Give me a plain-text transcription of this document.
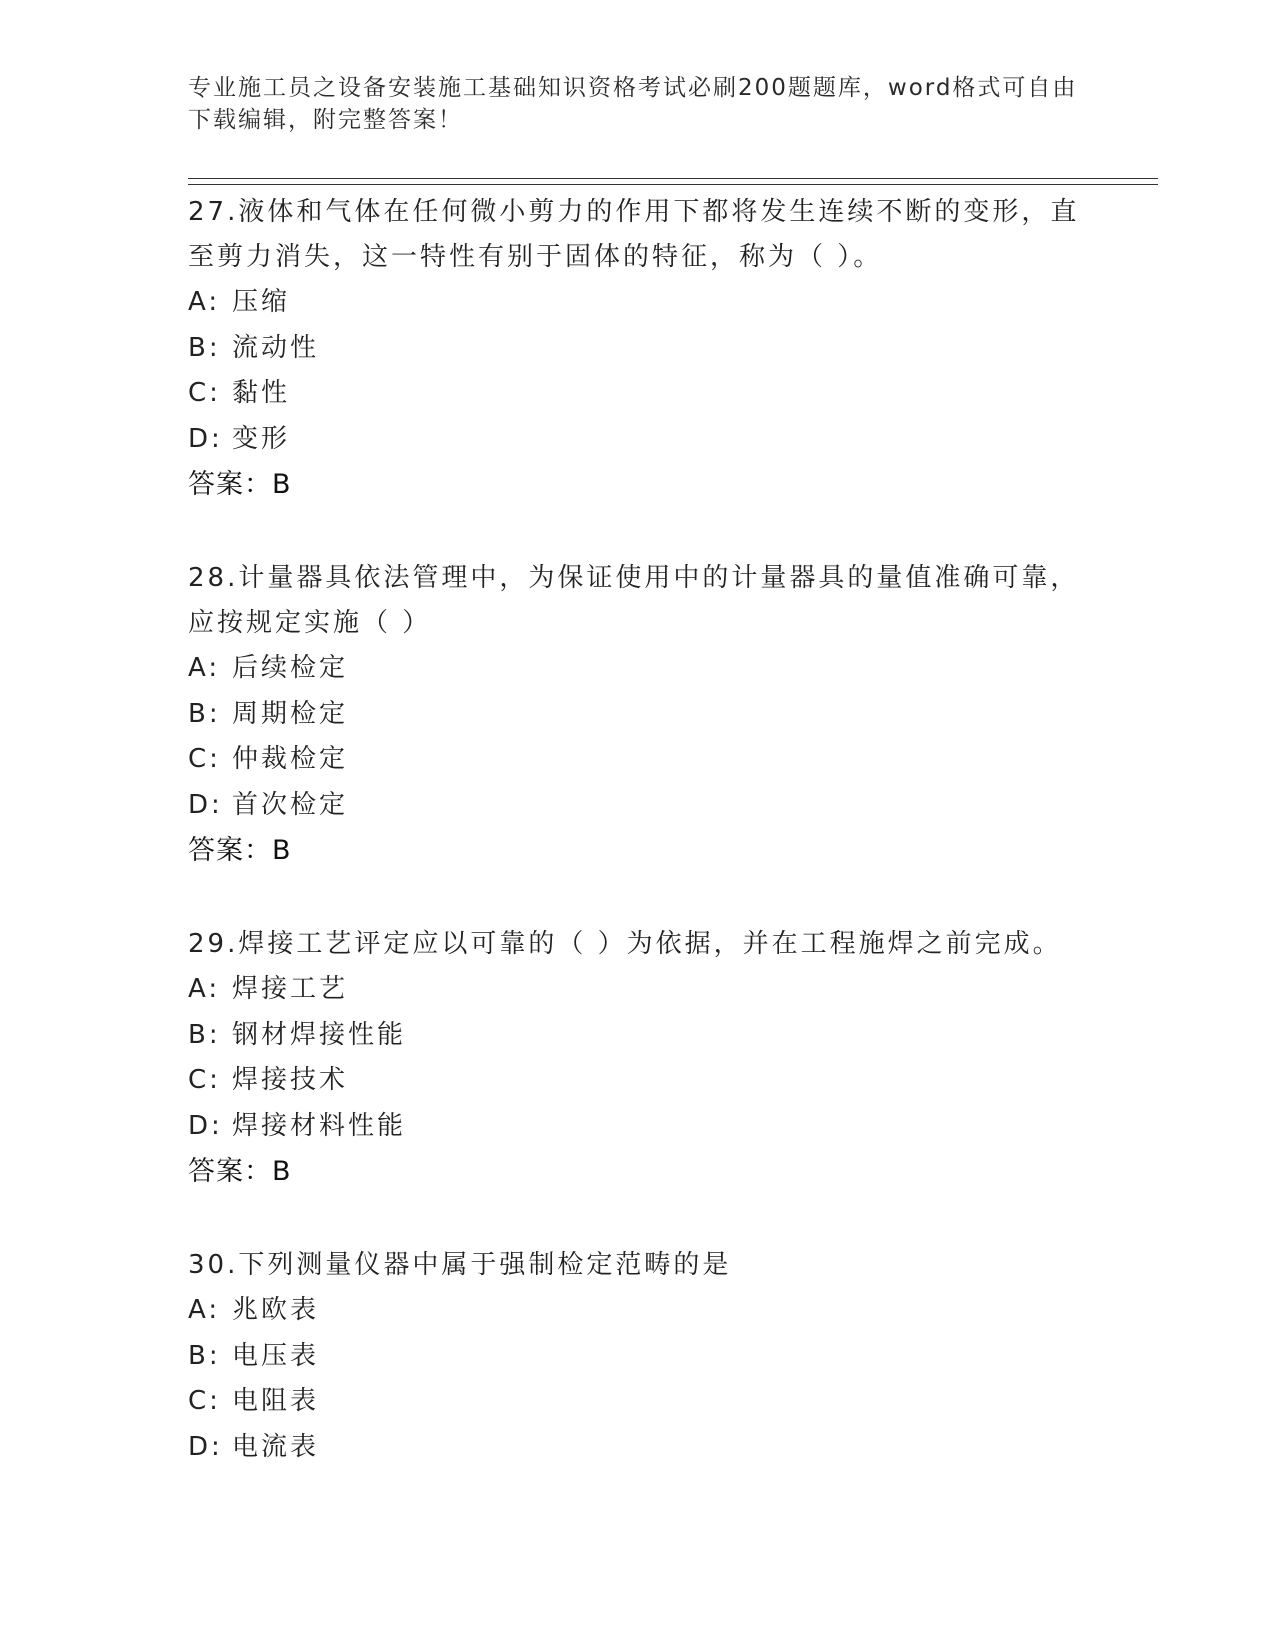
专业施工员之设备安装施工基础知识资格考试必刷200题题库，word格式可自由下载编辑，附完整答案！
27.液体和气体在任何微小剪力的作用下都将发生连续不断的变形，直至剪力消失，这一特性有别于固体的特征，称为（ ）。
A: 压缩
B: 流动性
C: 黏性
D: 变形
答案：B
28.计量器具依法管理中，为保证使用中的计量器具的量值准确可靠，应按规定实施（ ）
A: 后续检定
B: 周期检定
C: 仲裁检定
D: 首次检定
答案：B
29.焊接工艺评定应以可靠的（ ）为依据，并在工程施焊之前完成。
A: 焊接工艺
B: 钢材焊接性能
C: 焊接技术
D: 焊接材料性能
答案：B
30.下列测量仪器中属于强制检定范畴的是
A: 兆欧表
B: 电压表
C: 电阻表
D: 电流表
